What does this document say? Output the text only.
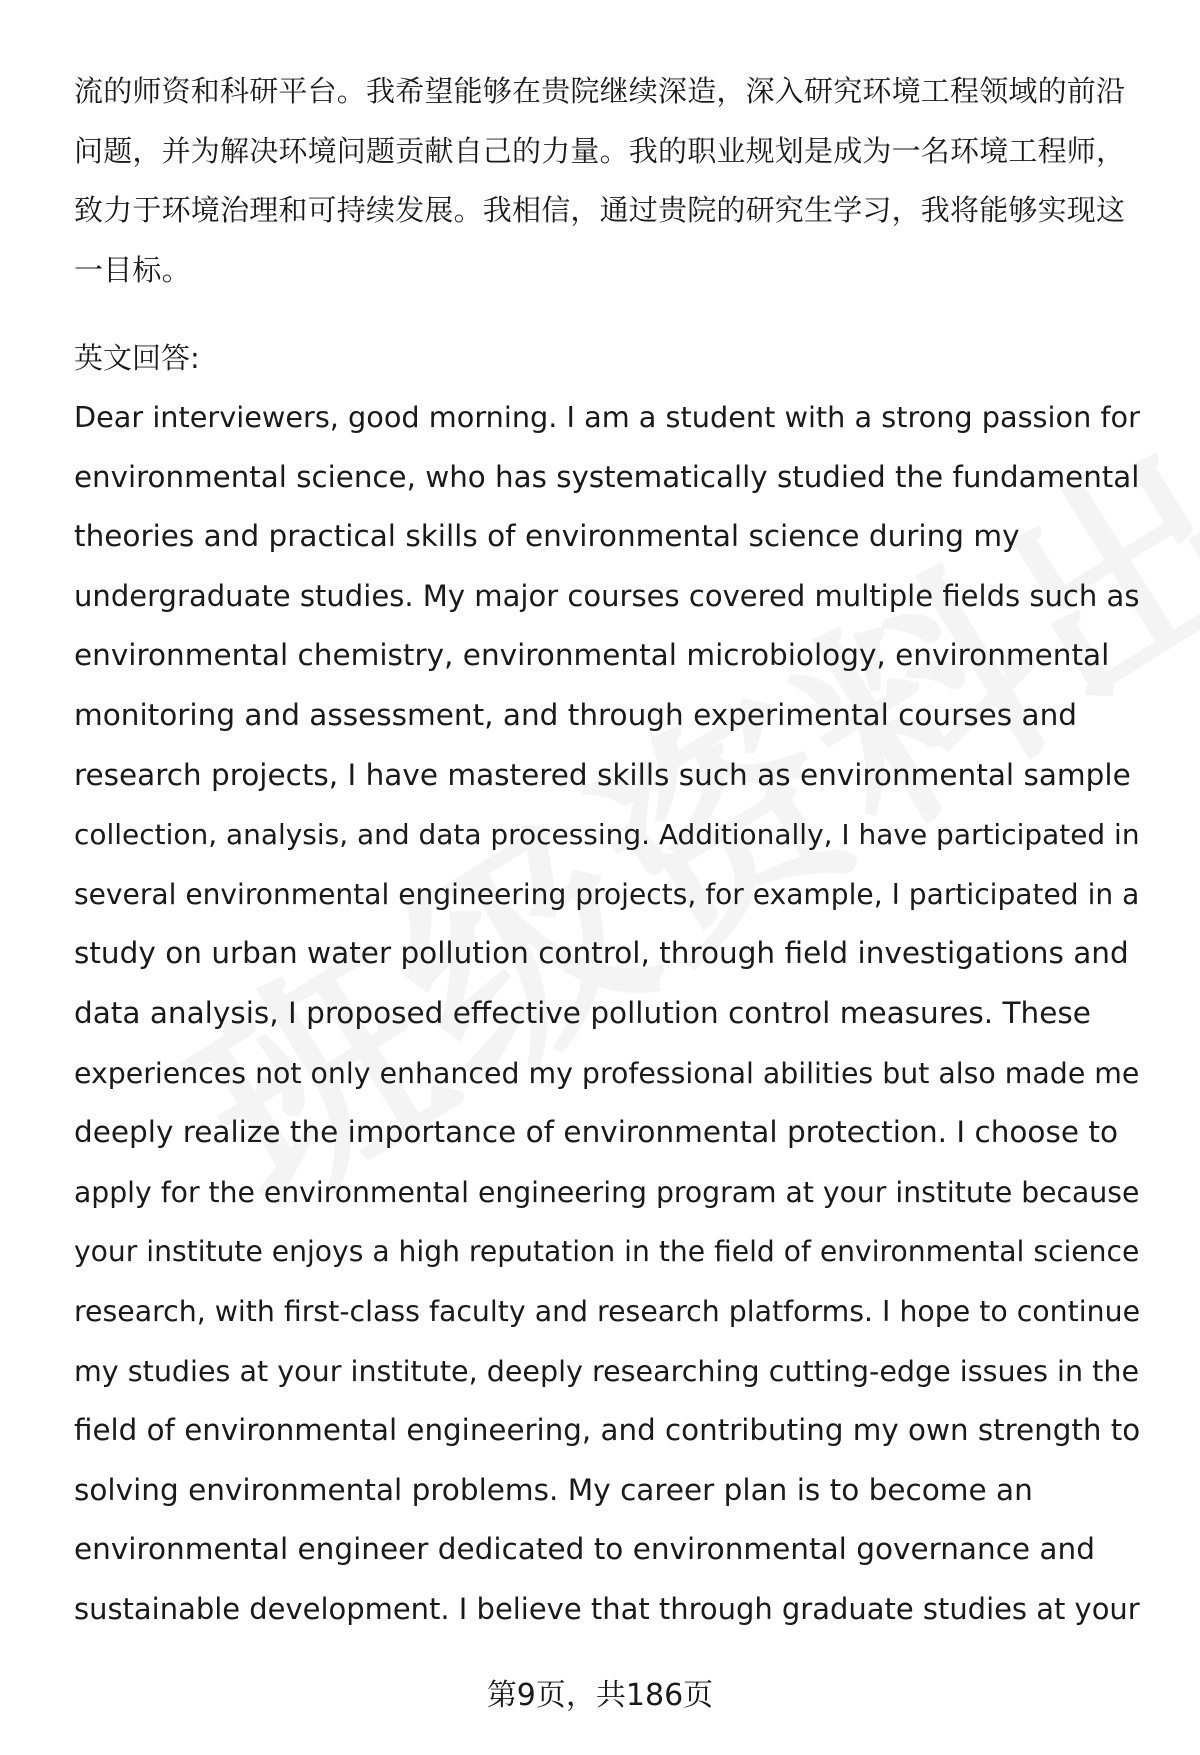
流的师资和科研平台。我希望能够在贵院继续深造，深入研究环境工程领域的前沿
问题，并为解决环境问题贡献自己的力量。我的职业规划是成为一名环境工程师，
致力于环境治理和可持续发展。我相信，通过贵院的研究生学习，我将能够实现这
一目标。
英文回答:
Dear interviewers, good morning. I am a student with a strong passion for
environmental science, who has systematically studied the fundamental
theories and practical skills of environmental science during my
undergraduate studies. My major courses covered multiple fields such as
environmental chemistry, environmental microbiology, environmental
monitoring and assessment, and through experimental courses and
research projects, I have mastered skills such as environmental sample
collection, analysis, and data processing. Additionally, I have participated in
several environmental engineering projects, for example, I participated in a
study on urban water pollution control, through field investigations and
data analysis, I proposed effective pollution control measures. These
experiences not only enhanced my professional abilities but also made me
deeply realize the importance of environmental protection. I choose to
apply for the environmental engineering program at your institute because
your institute enjoys a high reputation in the field of environmental science
research, with first-class faculty and research platforms. I hope to continue
my studies at your institute, deeply researching cutting-edge issues in the
field of environmental engineering, and contributing my own strength to
solving environmental problems. My career plan is to become an
environmental engineer dedicated to environmental governance and
sustainable development. I believe that through graduate studies at your
第9页，共186页
